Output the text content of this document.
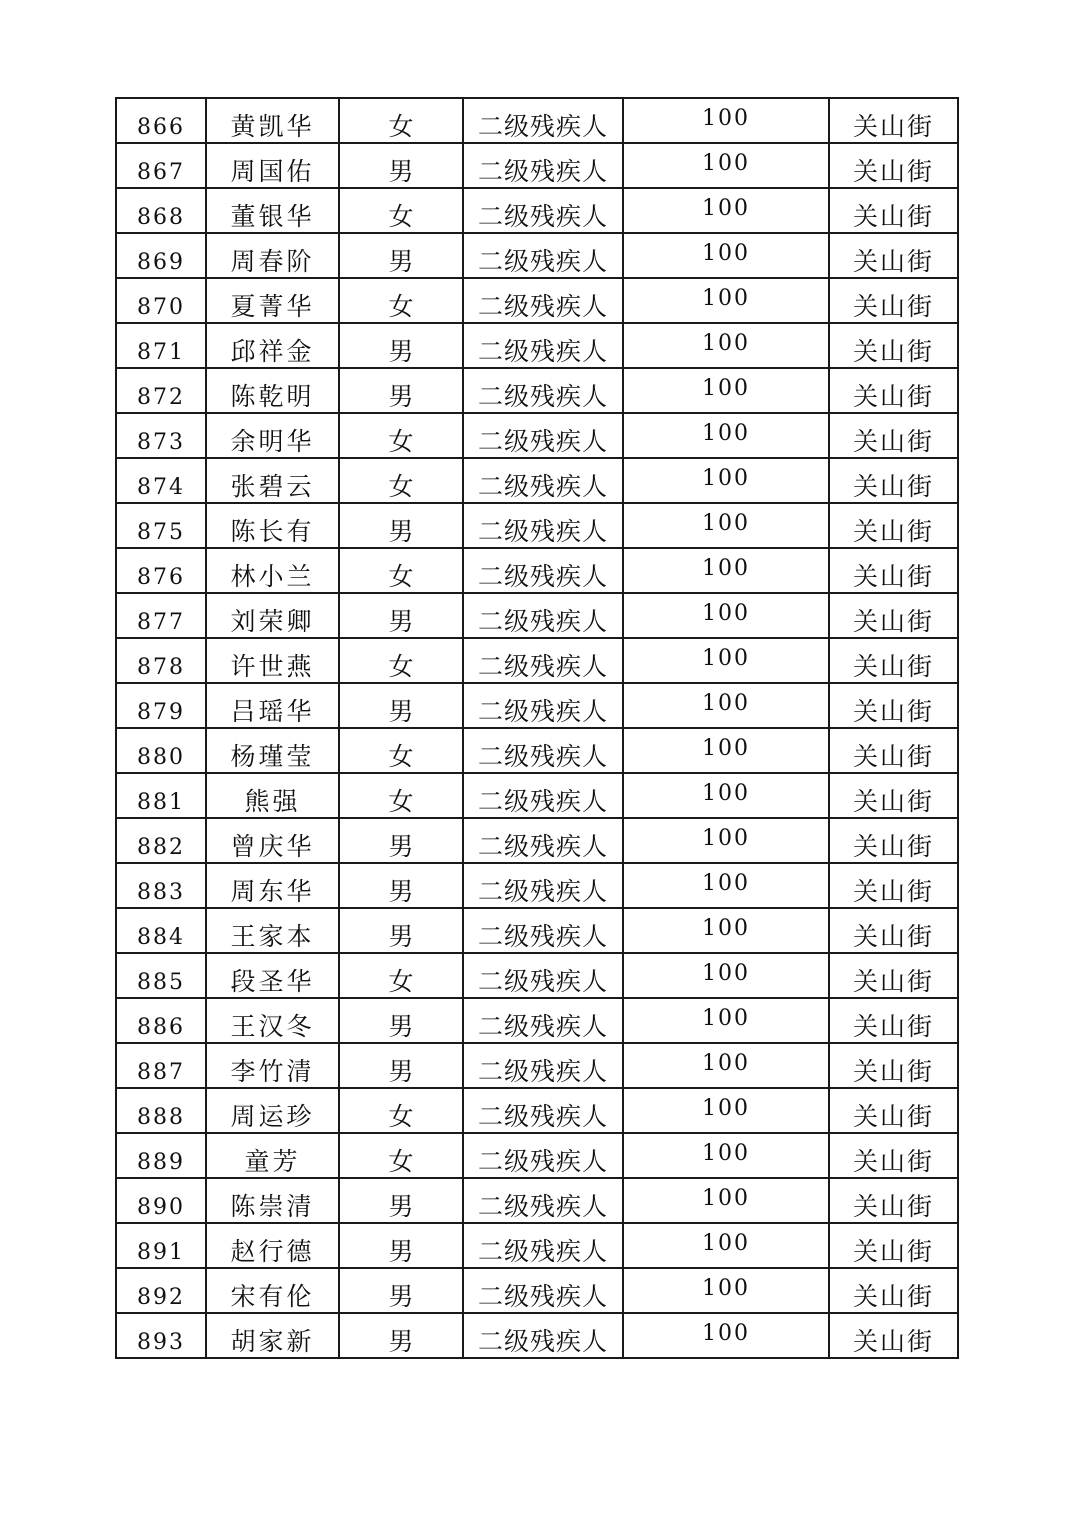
866	黄凯华	女	二级残疾人	100	关山街
867	周国佑	男	二级残疾人	100	关山街
868	董银华	女	二级残疾人	100	关山街
869	周春阶	男	二级残疾人	100	关山街
870	夏菁华	女	二级残疾人	100	关山街
871	邱祥金	男	二级残疾人	100	关山街
872	陈乾明	男	二级残疾人	100	关山街
873	余明华	女	二级残疾人	100	关山街
874	张碧云	女	二级残疾人	100	关山街
875	陈长有	男	二级残疾人	100	关山街
876	林小兰	女	二级残疾人	100	关山街
877	刘荣卿	男	二级残疾人	100	关山街
878	许世燕	女	二级残疾人	100	关山街
879	吕瑶华	男	二级残疾人	100	关山街
880	杨瑾莹	女	二级残疾人	100	关山街
881	熊强	女	二级残疾人	100	关山街
882	曾庆华	男	二级残疾人	100	关山街
883	周东华	男	二级残疾人	100	关山街
884	王家本	男	二级残疾人	100	关山街
885	段圣华	女	二级残疾人	100	关山街
886	王汉冬	男	二级残疾人	100	关山街
887	李竹清	男	二级残疾人	100	关山街
888	周运珍	女	二级残疾人	100	关山街
889	童芳	女	二级残疾人	100	关山街
890	陈崇清	男	二级残疾人	100	关山街
891	赵行德	男	二级残疾人	100	关山街
892	宋有伦	男	二级残疾人	100	关山街
893	胡家新	男	二级残疾人	100	关山街
